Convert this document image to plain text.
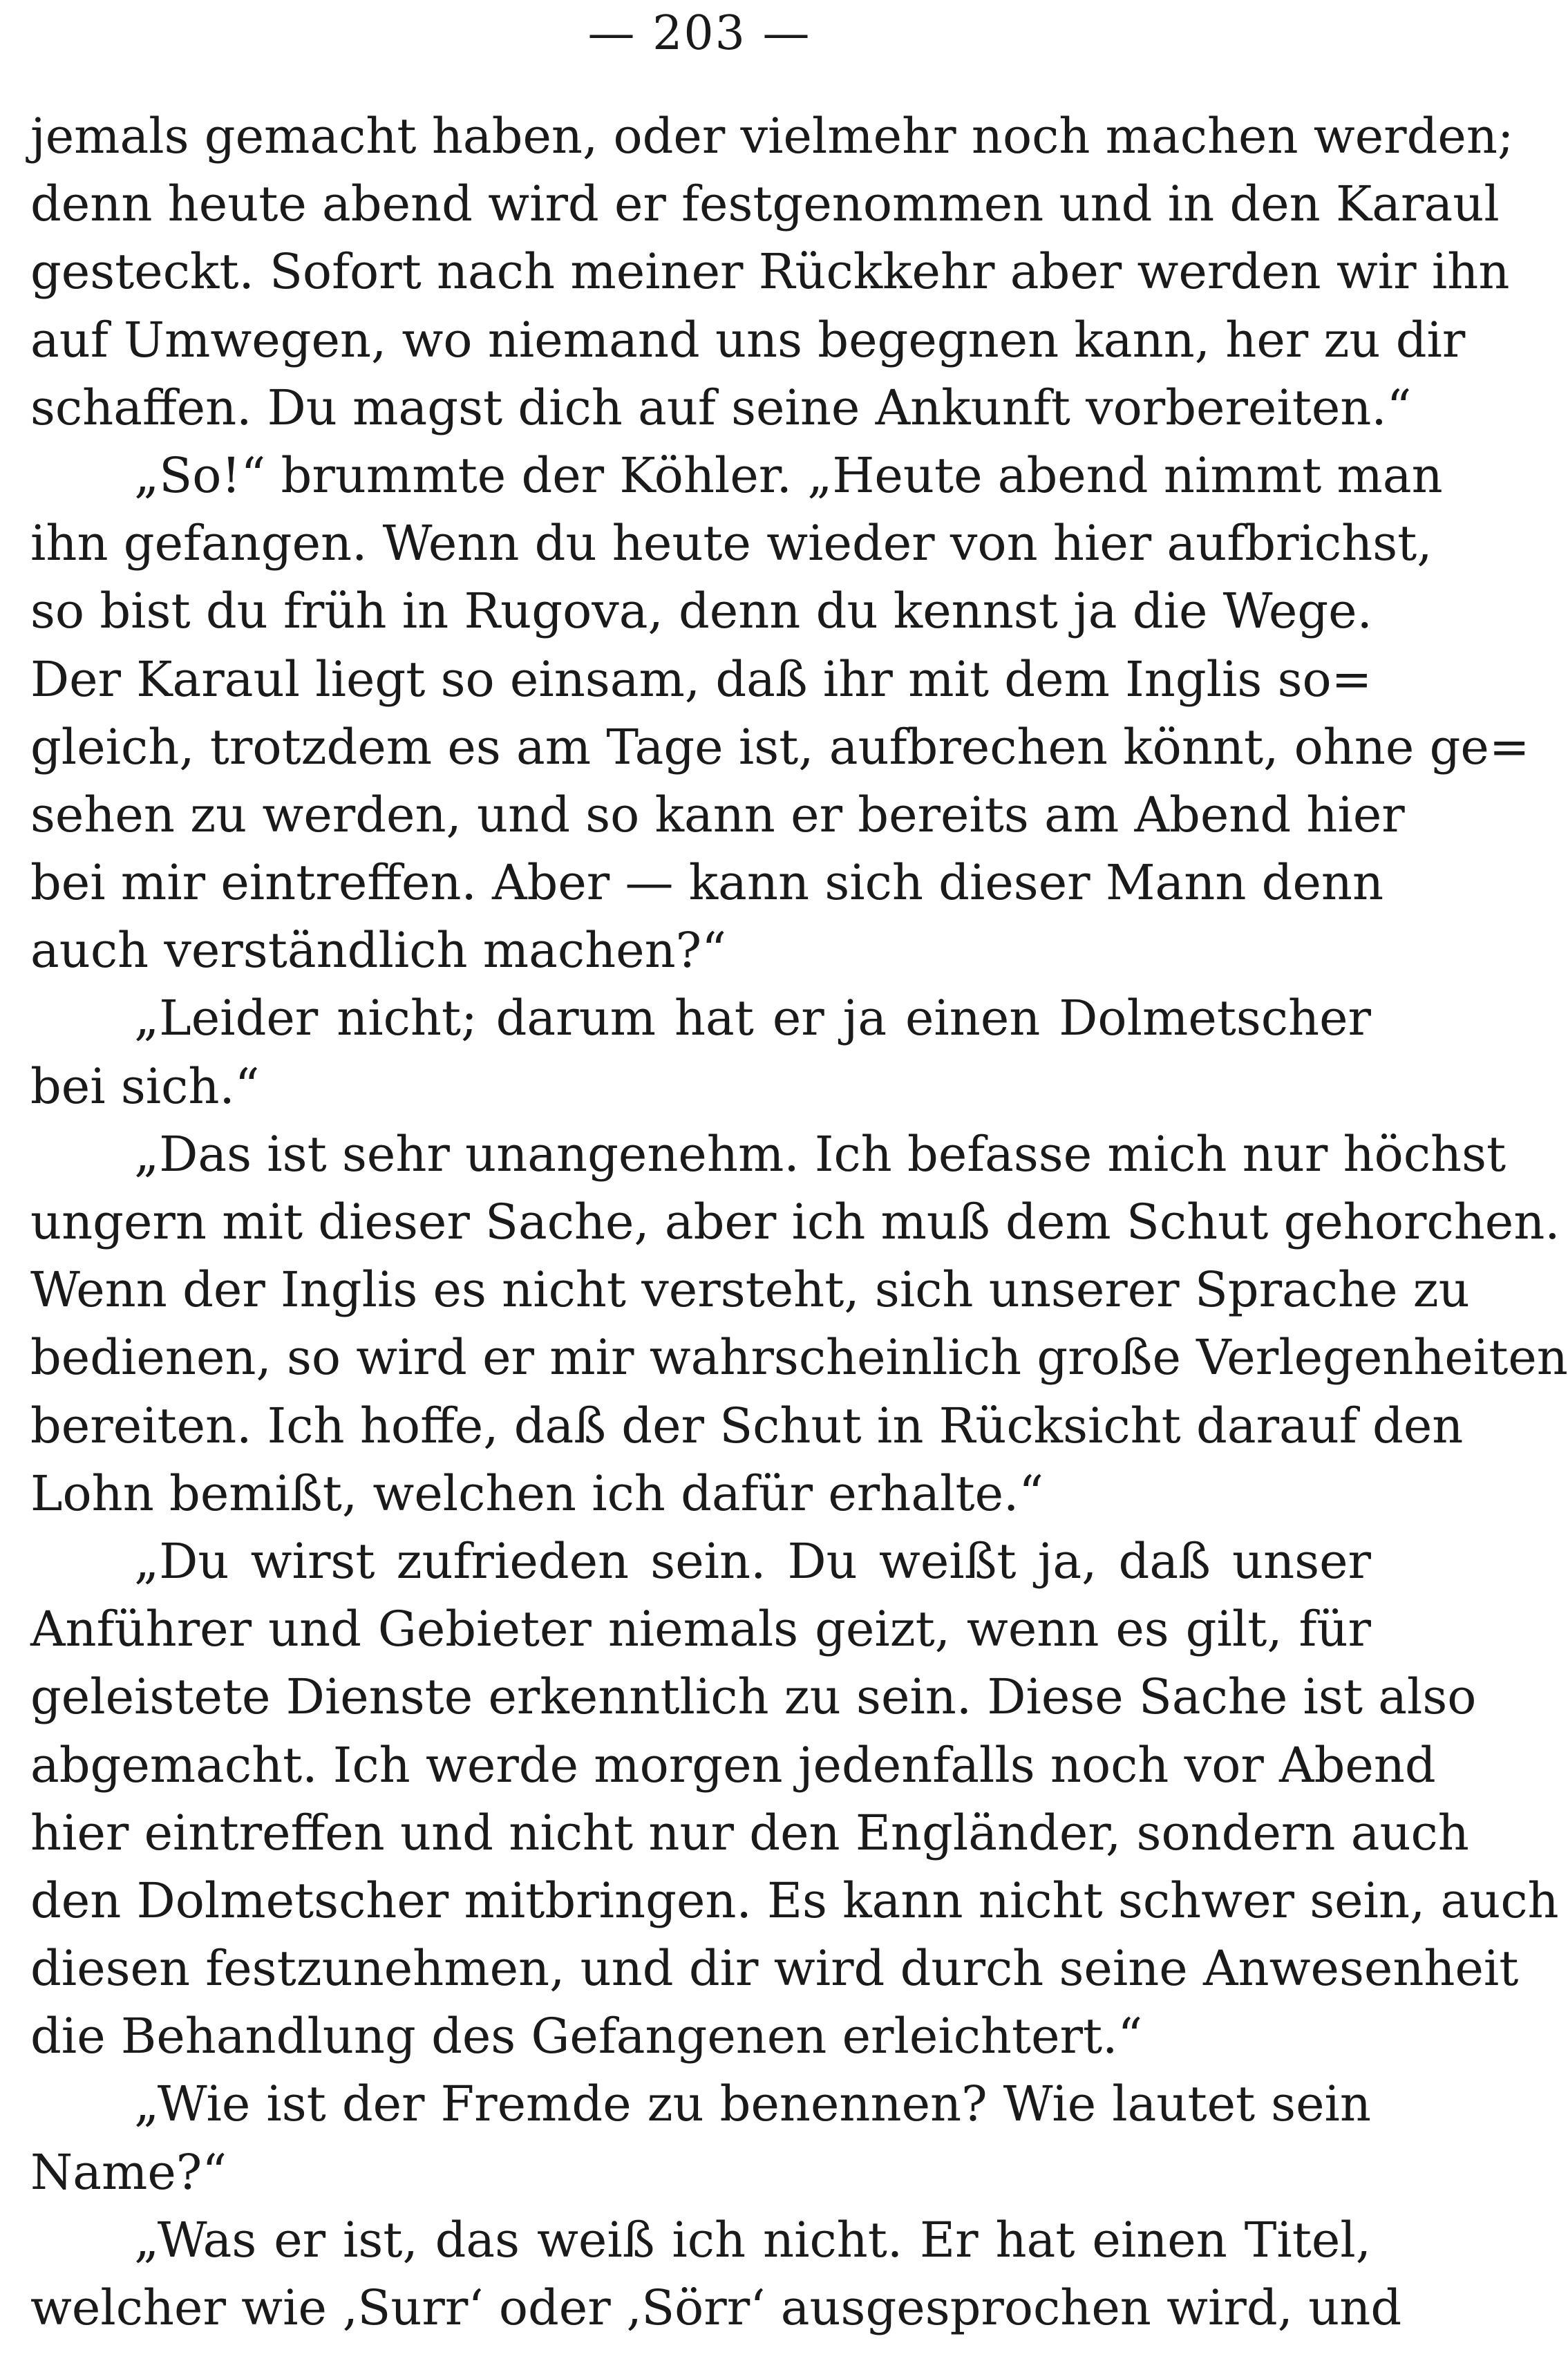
— 203 —
jemals gemacht haben, oder vielmehr noch machen werden;
denn heute abend wird er festgenommen und in den Karaul
gesteckt. Sofort nach meiner Rückkehr aber werden wir ihn
auf Umwegen, wo niemand uns begegnen kann, her zu dir
schaffen. Du magst dich auf seine Ankunft vorbereiten.“
„So!“ brummte der Köhler. „Heute abend nimmt man
ihn gefangen. Wenn du heute wieder von hier aufbrichst,
so bist du früh in Rugova, denn du kennst ja die Wege.
Der Karaul liegt so einsam, daß ihr mit dem Inglis so=
gleich, trotzdem es am Tage ist, aufbrechen könnt, ohne ge=
sehen zu werden, und so kann er bereits am Abend hier
bei mir eintreffen. Aber — kann sich dieser Mann denn
auch verständlich machen?“
„Leider nicht; darum hat er ja einen Dolmetscher
bei sich.“
„Das ist sehr unangenehm. Ich befasse mich nur höchst
ungern mit dieser Sache, aber ich muß dem Schut gehorchen.
Wenn der Inglis es nicht versteht, sich unserer Sprache zu
bedienen, so wird er mir wahrscheinlich große Verlegenheiten
bereiten. Ich hoffe, daß der Schut in Rücksicht darauf den
Lohn bemißt, welchen ich dafür erhalte.“
„Du wirst zufrieden sein. Du weißt ja, daß unser
Anführer und Gebieter niemals geizt, wenn es gilt, für
geleistete Dienste erkenntlich zu sein. Diese Sache ist also
abgemacht. Ich werde morgen jedenfalls noch vor Abend
hier eintreffen und nicht nur den Engländer, sondern auch
den Dolmetscher mitbringen. Es kann nicht schwer sein, auch
diesen festzunehmen, und dir wird durch seine Anwesenheit
die Behandlung des Gefangenen erleichtert.“
„Wie ist der Fremde zu benennen? Wie lautet sein
Name?“
„Was er ist, das weiß ich nicht. Er hat einen Titel,
welcher wie ‚Surr‘ oder ‚Sörr‘ ausgesprochen wird, und
